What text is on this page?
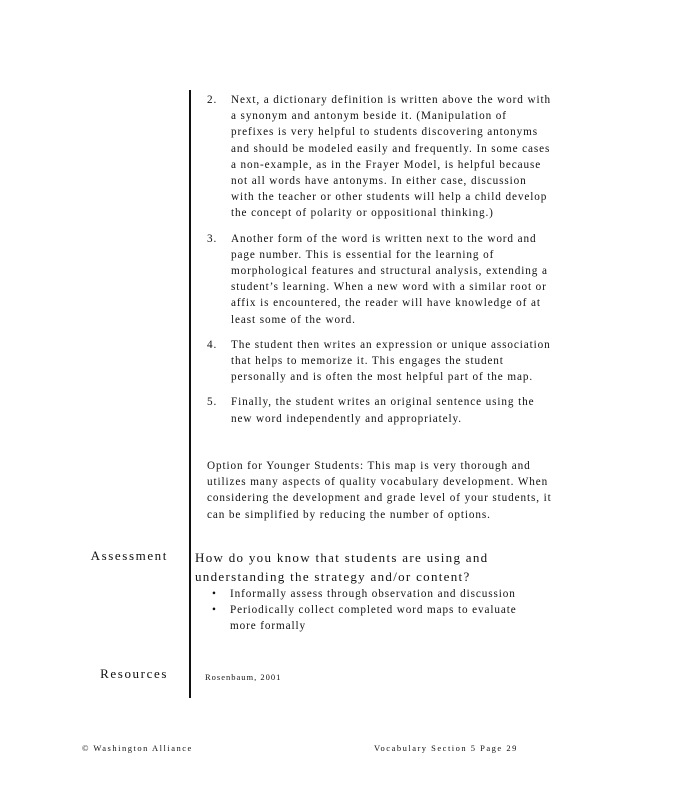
2.	Next, a dictionary definition is written above the word with a synonym and antonym beside it. (Manipulation of prefixes is very helpful to students discovering antonyms and should be modeled easily and frequently. In some cases a non-example, as in the Frayer Model, is helpful because not all words have antonyms. In either case, discussion with the teacher or other students will help a child develop the concept of polarity or oppositional thinking.)
3.	Another form of the word is written next to the word and page number. This is essential for the learning of morphological features and structural analysis, extending a student’s learning. When a new word with a similar root or affix is encountered, the reader will have knowledge of at least some of the word.
4.	The student then writes an expression or unique association that helps to memorize it. This engages the student personally and is often the most helpful part of the map.
5.	Finally, the student writes an original sentence using the new word independently and appropriately.
Option for Younger Students: This map is very thorough and utilizes many aspects of quality vocabulary development. When considering the development and grade level of your students, it can be simplified by reducing the number of options.
Assessment How do you know that students are using and understanding the strategy and/or content?
•	Informally assess through observation and discussion
•	Periodically collect completed word maps to evaluate more formally
Resources	Rosenbaum, 2001
© Washington Alliance	Vocabulary Section 5 Page 29
